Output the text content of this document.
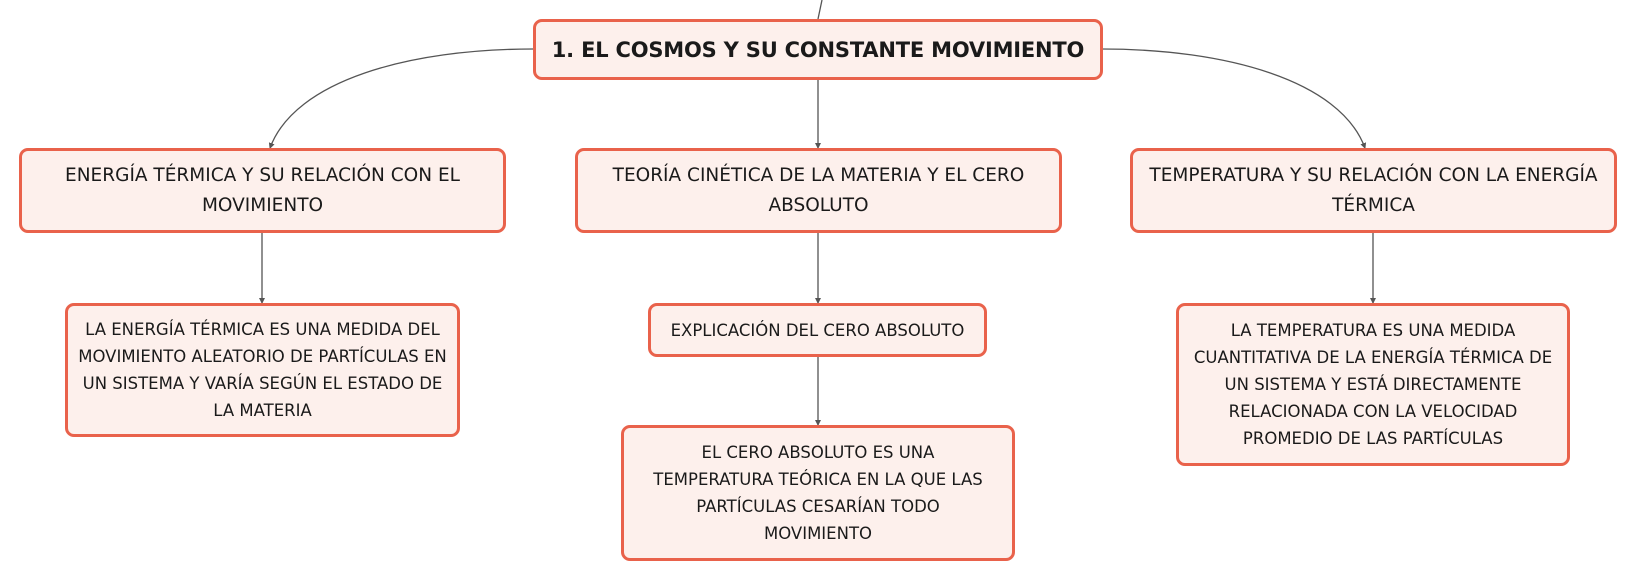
1. EL COSMOS Y SU CONSTANTE MOVIMIENTO
ENERGÍA TÉRMICA Y SU RELACIÓN CON EL MOVIMIENTO
TEORÍA CINÉTICA DE LA MATERIA Y EL CERO ABSOLUTO
TEMPERATURA Y SU RELACIÓN CON LA ENERGÍA TÉRMICA
LA ENERGÍA TÉRMICA ES UNA MEDIDA DEL MOVIMIENTO ALEATORIO DE PARTÍCULAS EN UN SISTEMA Y VARÍA SEGÚN EL ESTADO DE LA MATERIA
EXPLICACIÓN DEL CERO ABSOLUTO
EL CERO ABSOLUTO ES UNA TEMPERATURA TEÓRICA EN LA QUE LAS PARTÍCULAS CESARÍAN TODO MOVIMIENTO
LA TEMPERATURA ES UNA MEDIDA CUANTITATIVA DE LA ENERGÍA TÉRMICA DE UN SISTEMA Y ESTÁ DIRECTAMENTE RELACIONADA CON LA VELOCIDAD PROMEDIO DE LAS PARTÍCULAS
